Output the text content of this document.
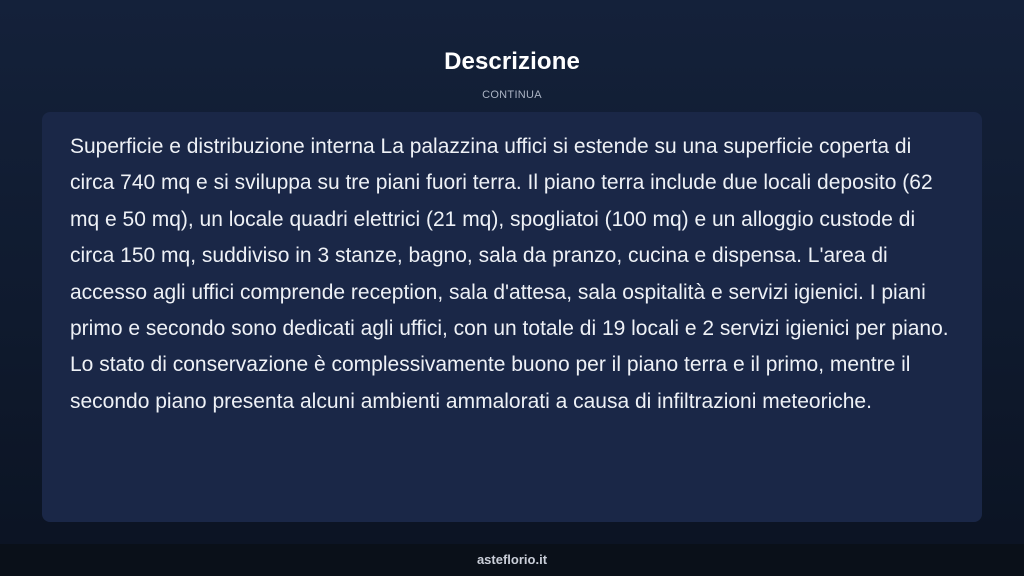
Descrizione
CONTINUA

Superficie e distribuzione interna La palazzina uffici si estende su una superficie coperta di circa 740 mq e si sviluppa su tre piani fuori terra. Il piano terra include due locali deposito (62 mq e 50 mq), un locale quadri elettrici (21 mq), spogliatoi (100 mq) e un alloggio custode di circa 150 mq, suddiviso in 3 stanze, bagno, sala da pranzo, cucina e dispensa. L'area di accesso agli uffici comprende reception, sala d'attesa, sala ospitalità e servizi igienici. I piani primo e secondo sono dedicati agli uffici, con un totale di 19 locali e 2 servizi igienici per piano. Lo stato di conservazione è complessivamente buono per il piano terra e il primo, mentre il secondo piano presenta alcuni ambienti ammalorati a causa di infiltrazioni meteoriche.

asteflorio.it
